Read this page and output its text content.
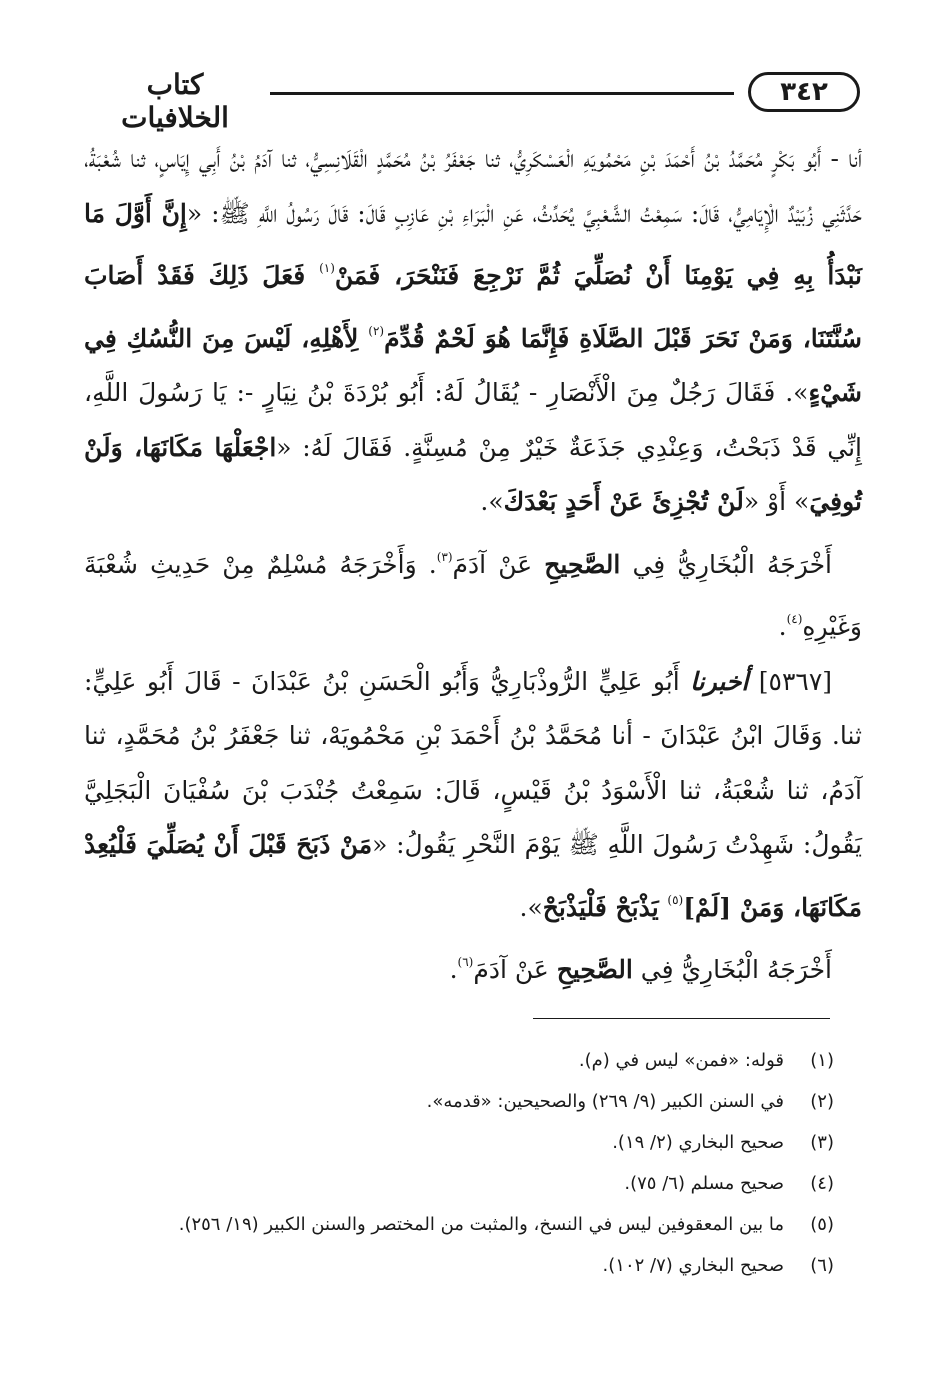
٣٤٢
كتاب الخلافيات

أنا - أَبُو بَكْرٍ مُحَمَّدُ بْنُ أَحْمَدَ بْنِ مَحْمُويَهِ الْعَسْكَرِيُّ، ثنا جَعْفَرُ بْنُ مُحَمَّدٍ الْقَلَانِسِيُّ، ثنا آدَمُ بْنُ أَبِي إِيَاسٍ، ثنا شُعْبَةُ، حَدَّثَنِي زُبَيْدٌ الْإِيَامِيُّ، قَالَ: سَمِعْتُ الشَّعْبِيَّ يُحَدِّثُ، عَنِ الْبَرَاءِ بْنِ عَازِبٍ قَالَ: قَالَ رَسُولُ اللَّهِ ﷺ: «إِنَّ أَوَّلَ مَا نَبْدَأُ بِهِ فِي يَوْمِنَا أَنْ نُصَلِّيَ ثُمَّ نَرْجِعَ فَنَنْحَرَ، فَمَنْ$^{(١)}$ فَعَلَ ذَلِكَ فَقَدْ أَصَابَ سُنَّتَنَا، وَمَنْ نَحَرَ قَبْلَ الصَّلَاةِ فَإِنَّمَا هُوَ لَحْمٌ قُدِّمَ$^{(٢)}$ لِأَهْلِهِ، لَيْسَ مِنَ النُّسُكِ فِي شَيْءٍ». فَقَالَ رَجُلٌ مِنَ الْأَنْصَارِ - يُقَالُ لَهُ: أَبُو بُرْدَةَ بْنُ نِيَارٍ -: يَا رَسُولَ اللَّهِ، إِنِّي قَدْ ذَبَحْتُ، وَعِنْدِي جَذَعَةٌ خَيْرٌ مِنْ مُسِنَّةٍ. فَقَالَ لَهُ: «اجْعَلْهَا مَكَانَهَا، وَلَنْ تُوفِيَ» أَوْ «لَنْ تُجْزِئَ عَنْ أَحَدٍ بَعْدَكَ».

أَخْرَجَهُ الْبُخَارِيُّ فِي الصَّحِيحِ عَنْ آدَمَ$^{(٣)}$. وَأَخْرَجَهُ مُسْلِمٌ مِنْ حَدِيثِ شُعْبَةَ وَغَيْرِهِ$^{(٤)}$.

[٥٣٦٧] أخبرنا أَبُو عَلِيٍّ الرُّوذْبَارِيُّ وَأَبُو الْحَسَنِ بْنُ عَبْدَانَ - قَالَ أَبُو عَلِيٍّ: ثنا. وَقَالَ ابْنُ عَبْدَانَ - أنا مُحَمَّدُ بْنُ أَحْمَدَ بْنِ مَحْمُويَهْ، ثنا جَعْفَرُ بْنُ مُحَمَّدٍ، ثنا آدَمُ، ثنا شُعْبَةُ، ثنا الْأَسْوَدُ بْنُ قَيْسٍ، قَالَ: سَمِعْتُ جُنْدَبَ بْنَ سُفْيَانَ الْبَجَلِيَّ يَقُولُ: شَهِدْتُ رَسُولَ اللَّهِ ﷺ يَوْمَ النَّحْرِ يَقُولُ: «مَنْ ذَبَحَ قَبْلَ أَنْ يُصَلِّيَ فَلْيُعِدْ مَكَانَهَا، وَمَنْ [لَمْ]$^{(٥)}$ يَذْبَحْ فَلْيَذْبَحْ».

أَخْرَجَهُ الْبُخَارِيُّ فِي الصَّحِيحِ عَنْ آدَمَ$^{(٦)}$.

(١)
قوله: «فمن» ليس في (م).
(٢)
في السنن الكبير (٩/ ٢٦٩) والصحيحين: «قدمه».
(٣)
صحيح البخاري (٢/ ١٩).
(٤)
صحيح مسلم (٦/ ٧٥).
(٥)
ما بين المعقوفين ليس في النسخ، والمثبت من المختصر والسنن الكبير (١٩/ ٢٥٦).
(٦)
صحيح البخاري (٧/ ١٠٢).
